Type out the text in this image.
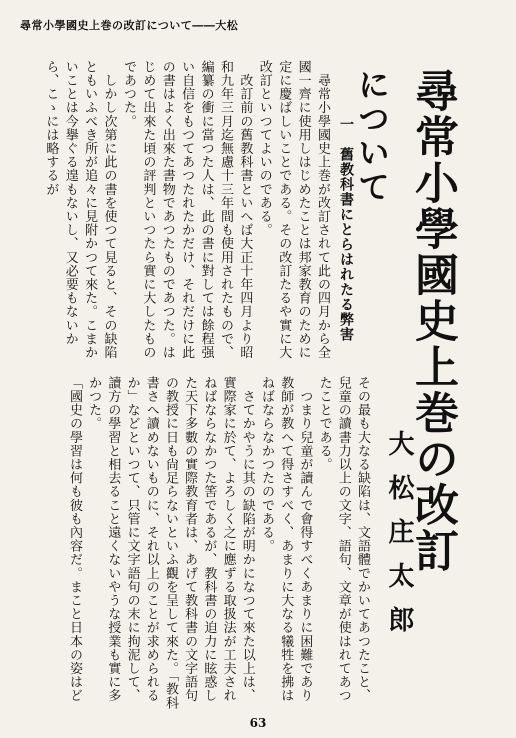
尋常小學國史上巻の改訂について――大松

　尋常小學國史上巻が改訂されて此の四月から全國一齊に使用しはじめたことは邦家教育のために定に慶ばしいことである。その改訂たるや實に大改訂といつてよいのである。

　改訂前の舊教科書といへば大正十年四月より昭和九年三月迄無慮十三年間も使用されたもので、編纂の衝に當つた人は、此の書に對しては餘程强い自信をもつてあつたれたかだけ、それだけに此の書はよく出來た書物であつたものであつた。はじめて出來た頃の評判といつたら實に大したものであつた。

　しかし次第に此の書を使つて見ると、その缺陷ともいふべき所が追々に見附かつて來た。こまかいことは今擧ぐる遑もないし、又必要もないから、こゝには略するが	一　舊教科書にとらはれたる弊害 尋常小學國史上巻の改訂について
大松庄太郎

その最も大なる缺陷は、文語體でかいてあつたこと、兒童の讀書力以上の文字、語句、文章が使はれてあつたことである。

　つまり兒童が讀んで會得すべくあまりに困難であり教師が教へて得さすべく、あまりに大なる犧牲を拂はねばならなかつたのである。

　さてかやうに其の缺陷が明かになつて來た以上は、實際家に於て、よろしく之に應ずる取扱法が工夫されねばならなかつた筈であるが、教科書の迫力に眩惑した天下多數の實際教育者は、あげて教科書の文字語句の教授に日も尙足らないといふ觀を呈して來た。「教科書さへ讀めないものに、それ以上のことが求められるか」などといつて、只管に文字語句の末に拘泥して、讀方の學習と相去ること遠くないやうな授業も實に多かつた。

「國史の學習は何も彼も內容だ。まこと日本の姿はど

63
